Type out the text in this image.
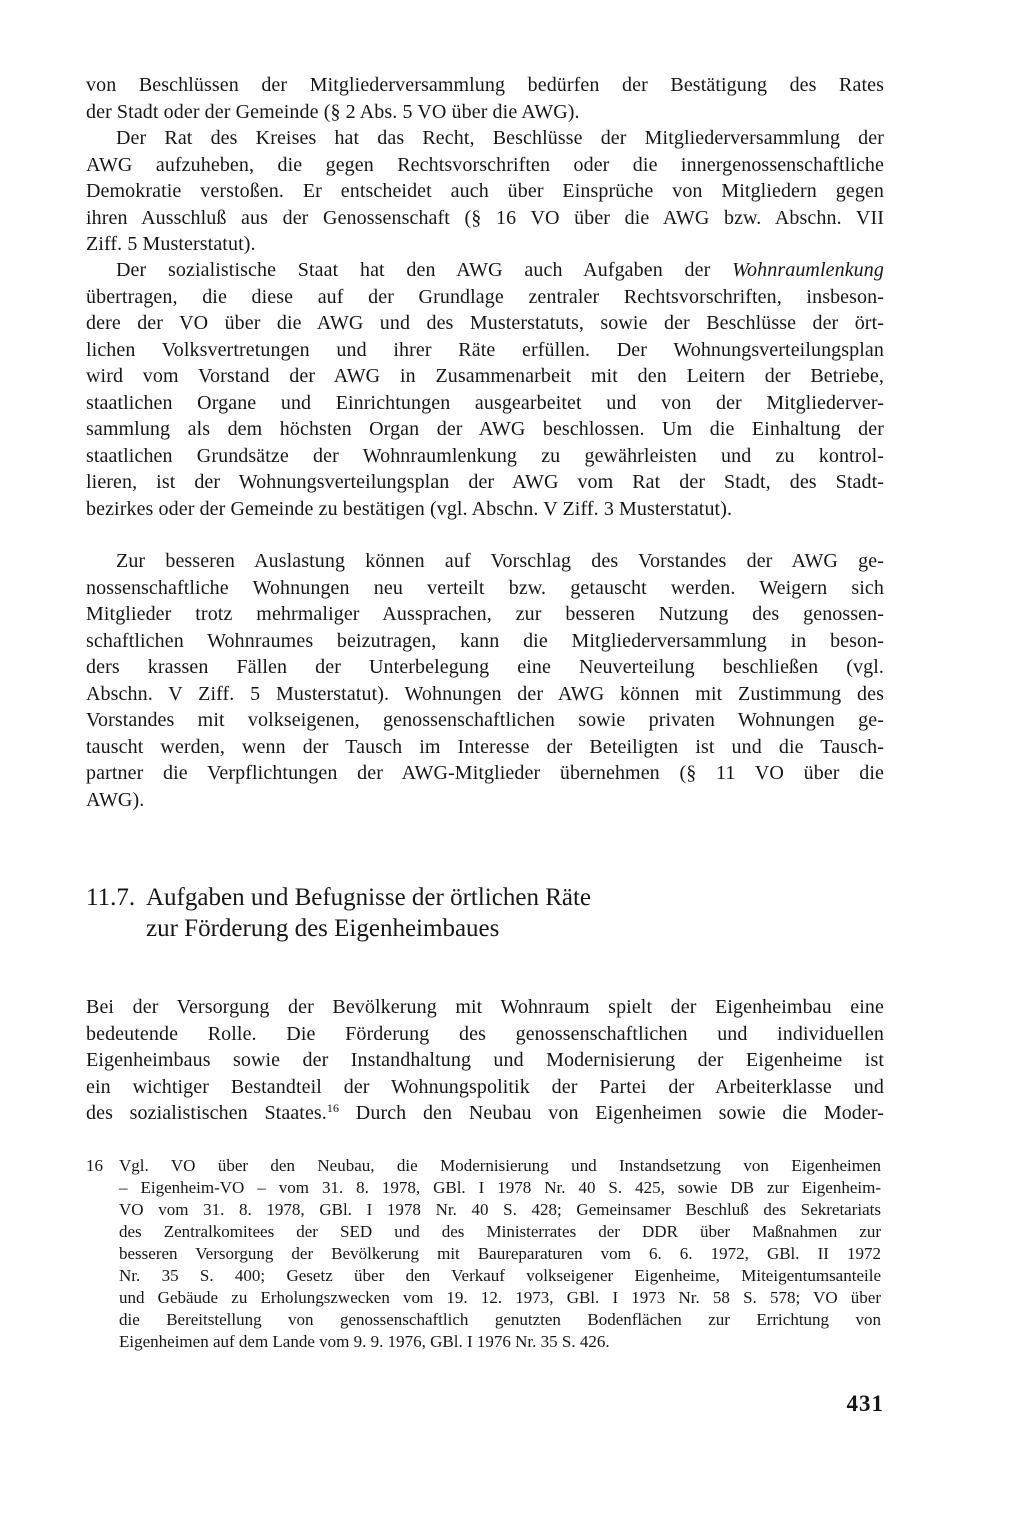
von Beschlüssen der Mitgliederversammlung bedürfen der Bestätigung des Rates
der Stadt oder der Gemeinde (§ 2 Abs. 5 VO über die AWG).

Der Rat des Kreises hat das Recht, Beschlüsse der Mitgliederversammlung der
AWG aufzuheben, die gegen Rechtsvorschriften oder die innergenossenschaftliche
Demokratie verstoßen. Er entscheidet auch über Einsprüche von Mitgliedern gegen
ihren Ausschluß aus der Genossenschaft (§ 16 VO über die AWG bzw. Abschn. VII
Ziff. 5 Musterstatut).

Der sozialistische Staat hat den AWG auch Aufgaben der Wohnraumlenkung
übertragen, die diese auf der Grundlage zentraler Rechtsvorschriften, insbeson-
dere der VO über die AWG und des Musterstatuts, sowie der Beschlüsse der ört-
lichen Volksvertretungen und ihrer Räte erfüllen. Der Wohnungsverteilungsplan
wird vom Vorstand der AWG in Zusammenarbeit mit den Leitern der Betriebe,
staatlichen Organe und Einrichtungen ausgearbeitet und von der Mitgliederver-
sammlung als dem höchsten Organ der AWG beschlossen. Um die Einhaltung der
staatlichen Grundsätze der Wohnraumlenkung zu gewährleisten und zu kontrol-
lieren, ist der Wohnungsverteilungsplan der AWG vom Rat der Stadt, des Stadt-
bezirkes oder der Gemeinde zu bestätigen (vgl. Abschn. V Ziff. 3 Musterstatut).

Zur besseren Auslastung können auf Vorschlag des Vorstandes der AWG ge-
nossenschaftliche Wohnungen neu verteilt bzw. getauscht werden. Weigern sich
Mitglieder trotz mehrmaliger Aussprachen, zur besseren Nutzung des genossen-
schaftlichen Wohnraumes beizutragen, kann die Mitgliederversammlung in beson-
ders krassen Fällen der Unterbelegung eine Neuverteilung beschließen (vgl.
Abschn. V Ziff. 5 Musterstatut). Wohnungen der AWG können mit Zustimmung des
Vorstandes mit volkseigenen, genossenschaftlichen sowie privaten Wohnungen ge-
tauscht werden, wenn der Tausch im Interesse der Beteiligten ist und die Tausch-
partner die Verpflichtungen der AWG-Mitglieder übernehmen (§ 11 VO über die
AWG).

11.7. Aufgaben und Befugnisse der örtlichen Räte
zur Förderung des Eigenheimbaues

Bei der Versorgung der Bevölkerung mit Wohnraum spielt der Eigenheimbau eine
bedeutende Rolle. Die Förderung des genossenschaftlichen und individuellen
Eigenheimbaus sowie der Instandhaltung und Modernisierung der Eigenheime ist
ein wichtiger Bestandteil der Wohnungspolitik der Partei der Arbeiterklasse und
des sozialistischen Staates.$^{16}$ Durch den Neubau von Eigenheimen sowie die Moder-

16 Vgl. VO über den Neubau, die Modernisierung und Instandsetzung von Eigenheimen
– Eigenheim-VO – vom 31. 8. 1978, GBl. I 1978 Nr. 40 S. 425, sowie DB zur Eigenheim-
VO vom 31. 8. 1978, GBl. I 1978 Nr. 40 S. 428; Gemeinsamer Beschluß des Sekretariats
des Zentralkomitees der SED und des Ministerrates der DDR über Maßnahmen zur
besseren Versorgung der Bevölkerung mit Baureparaturen vom 6. 6. 1972, GBl. II 1972
Nr. 35 S. 400; Gesetz über den Verkauf volkseigener Eigenheime, Miteigentumsanteile
und Gebäude zu Erholungszwecken vom 19. 12. 1973, GBl. I 1973 Nr. 58 S. 578; VO über
die Bereitstellung von genossenschaftlich genutzten Bodenflächen zur Errichtung von
Eigenheimen auf dem Lande vom 9. 9. 1976, GBl. I 1976 Nr. 35 S. 426.
431
